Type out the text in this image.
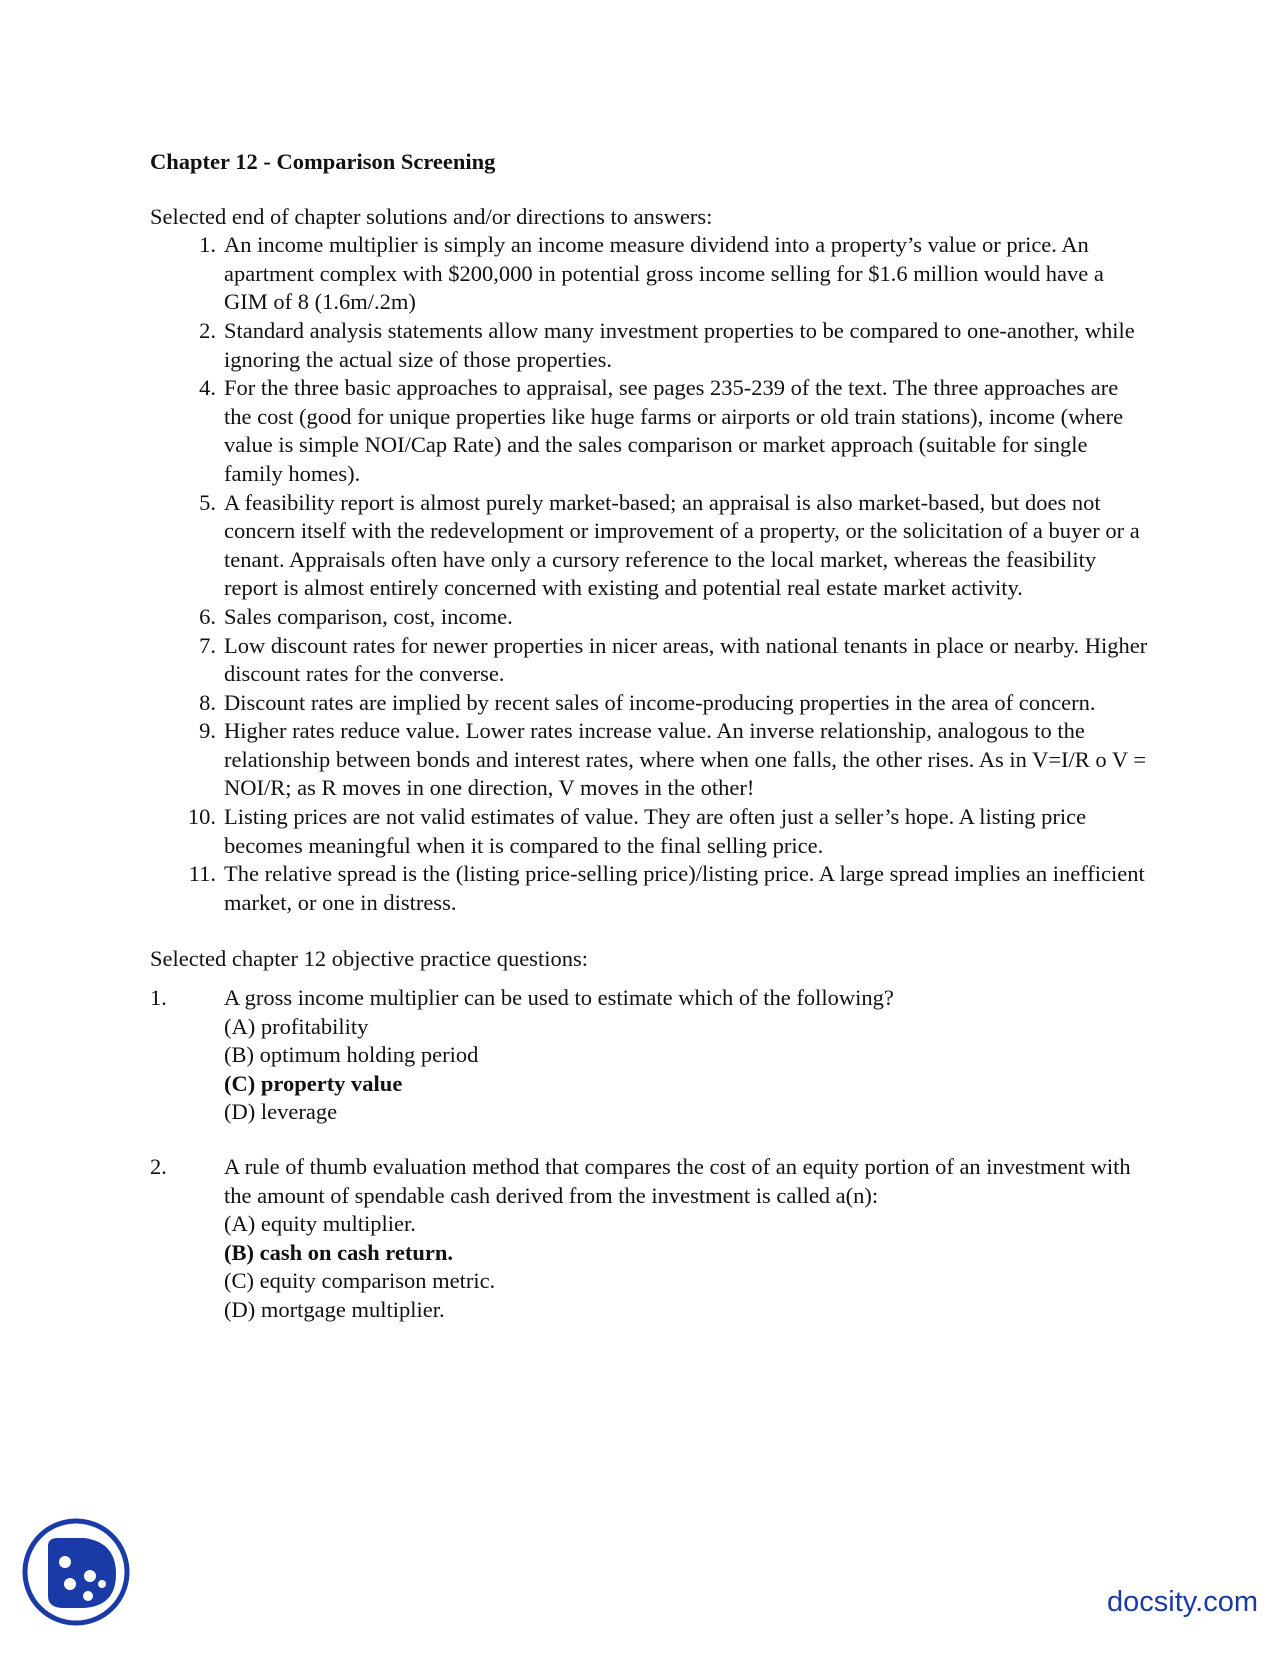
Chapter 12 - Comparison Screening
Selected end of chapter solutions and/or directions to answers:
1. An income multiplier is simply an income measure dividend into a property’s value or price. An apartment complex with $200,000 in potential gross income selling for $1.6 million would have a GIM of 8 (1.6m/.2m)
2. Standard analysis statements allow many investment properties to be compared to one-another, while ignoring the actual size of those properties.
4. For the three basic approaches to appraisal, see pages 235-239 of the text. The three approaches are the cost (good for unique properties like huge farms or airports or old train stations), income (where value is simple NOI/Cap Rate) and the sales comparison or market approach (suitable for single family homes).
5. A feasibility report is almost purely market-based; an appraisal is also market-based, but does not concern itself with the redevelopment or improvement of a property, or the solicitation of a buyer or a tenant. Appraisals often have only a cursory reference to the local market, whereas the feasibility report is almost entirely concerned with existing and potential real estate market activity.
6. Sales comparison, cost, income.
7. Low discount rates for newer properties in nicer areas, with national tenants in place or nearby. Higher discount rates for the converse.
8. Discount rates are implied by recent sales of income-producing properties in the area of concern.
9. Higher rates reduce value. Lower rates increase value. An inverse relationship, analogous to the relationship between bonds and interest rates, where when one falls, the other rises. As in V=I/R o V = NOI/R; as R moves in one direction, V moves in the other!
10. Listing prices are not valid estimates of value. They are often just a seller’s hope. A listing price becomes meaningful when it is compared to the final selling price.
11. The relative spread is the (listing price-selling price)/listing price. A large spread implies an inefficient market, or one in distress.
Selected chapter 12 objective practice questions:
1.	A gross income multiplier can be used to estimate which of the following?
(A) profitability
(B) optimum holding period
(C) property value
(D) leverage
2.	A rule of thumb evaluation method that compares the cost of an equity portion of an investment with the amount of spendable cash derived from the investment is called a(n):
(A) equity multiplier.
(B) cash on cash return.
(C) equity comparison metric.
(D) mortgage multiplier.
docsity.com
